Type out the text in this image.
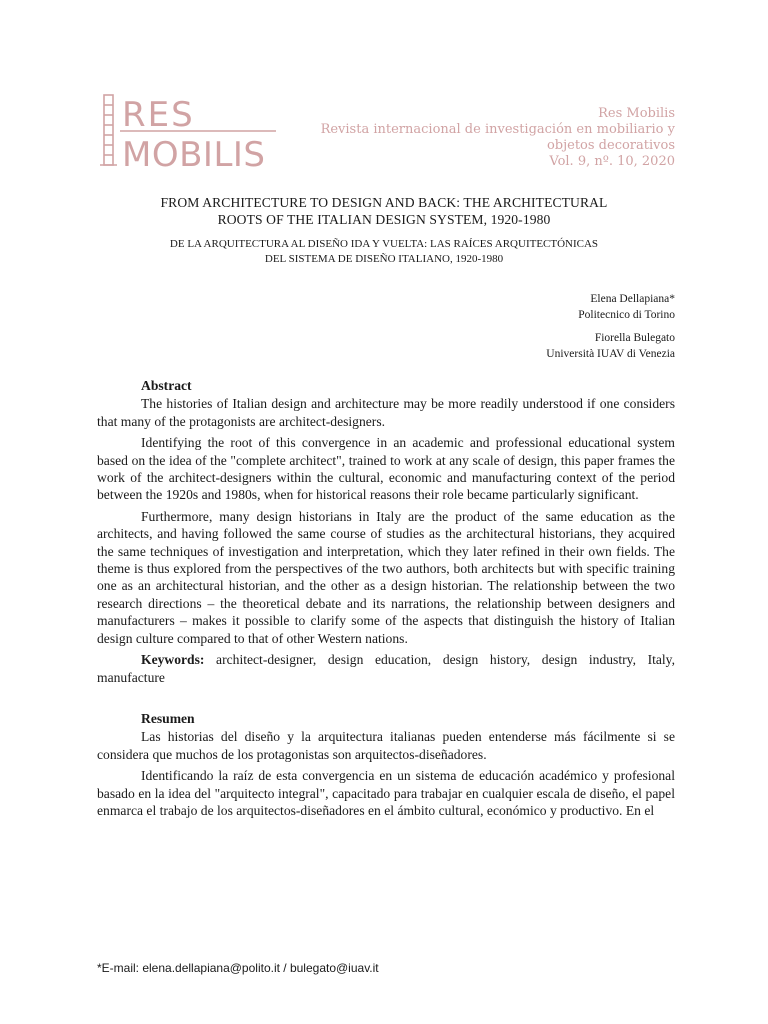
RES
MOBILIS
Res Mobilis
Revista internacional de investigación en mobiliario y
objetos decorativos
Vol. 9, nº. 10, 2020
FROM ARCHITECTURE TO DESIGN AND BACK: THE ARCHITECTURAL
ROOTS OF THE ITALIAN DESIGN SYSTEM, 1920-1980
DE LA ARQUITECTURA AL DISEÑO IDA Y VUELTA: LAS RAÍCES ARQUITECTÓNICAS
DEL SISTEMA DE DISEÑO ITALIANO, 1920-1980
Elena Dellapiana*
Politecnico di Torino
Fiorella Bulegato
Università IUAV di Venezia
Abstract

The histories of Italian design and architecture may be more readily understood if one considers that many of the protagonists are architect-designers.

Identifying the root of this convergence in an academic and professional educational system based on the idea of the "complete architect", trained to work at any scale of design, this paper frames the work of the architect-designers within the cultural, economic and manufacturing context of the period between the 1920s and 1980s, when for historical reasons their role became particularly significant.

Furthermore, many design historians in Italy are the product of the same education as the architects, and having followed the same course of studies as the architectural historians, they acquired the same techniques of investigation and interpretation, which they later refined in their own fields. The theme is thus explored from the perspectives of the two authors, both architects but with specific training one as an architectural historian, and the other as a design historian. The relationship between the two research directions – the theoretical debate and its narrations, the relationship between designers and manufacturers – makes it possible to clarify some of the aspects that distinguish the history of Italian design culture compared to that of other Western nations.

Keywords: architect-designer, design education, design history, design industry, Italy, manufacture

Resumen

Las historias del diseño y la arquitectura italianas pueden entenderse más fácilmente si se considera que muchos de los protagonistas son arquitectos-diseñadores.

Identificando la raíz de esta convergencia en un sistema de educación académico y profesional basado en la idea del "arquitecto integral", capacitado para trabajar en cualquier escala de diseño, el papel enmarca el trabajo de los arquitectos-diseñadores en el ámbito cultural, económico y productivo. En el

*E-mail: elena.dellapiana@polito.it / bulegato@iuav.it
